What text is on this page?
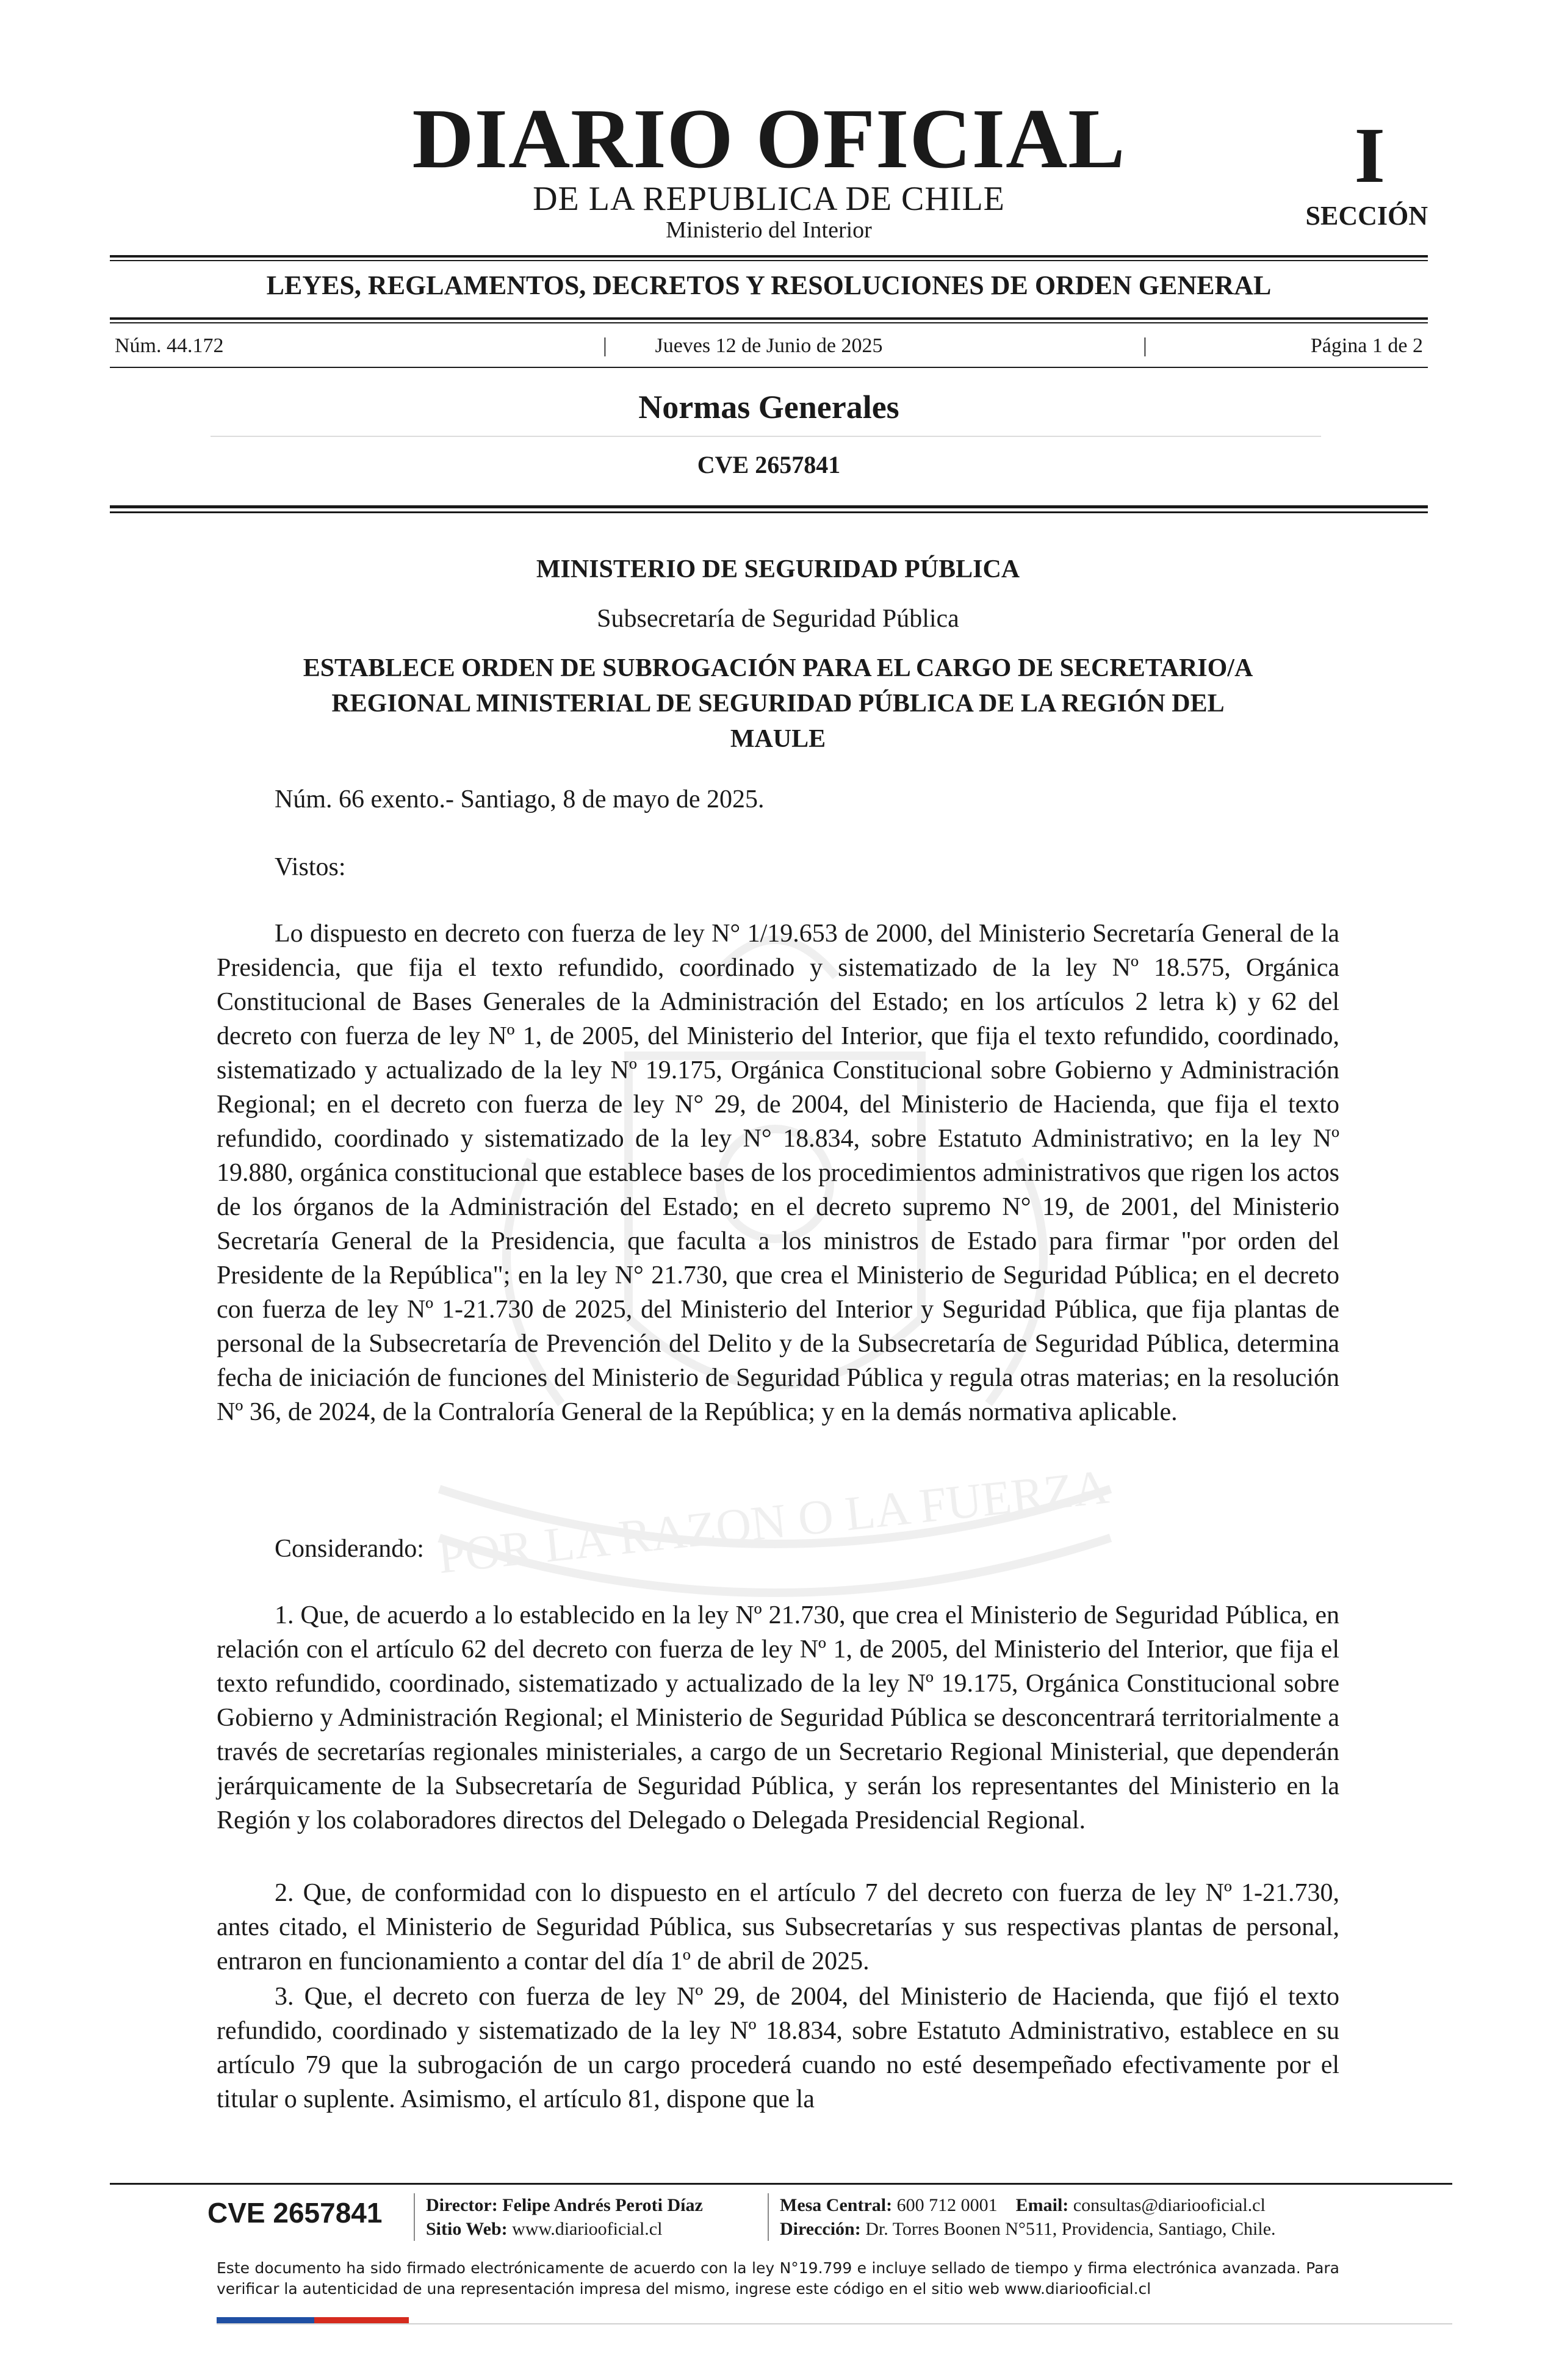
POR LA RAZON O LA FUERZA
DIARIO OFICIAL
DE LA REPUBLICA DE CHILE
Ministerio del Interior
I
SECCIÓN
LEYES, REGLAMENTOS, DECRETOS Y RESOLUCIONES DE ORDEN GENERAL
Jueves 12 de Junio de 2025
Núm. 44.172	|	|	Página 1 de 2
Normas Generales
CVE 2657841
MINISTERIO DE SEGURIDAD PÚBLICA
Subsecretaría de Seguridad Pública
ESTABLECE ORDEN DE SUBROGACIÓN PARA EL CARGO DE SECRETARIO/A
REGIONAL MINISTERIAL DE SEGURIDAD PÚBLICA DE LA REGIÓN DEL
MAULE

Núm. 66 exento.- Santiago, 8 de mayo de 2025.

Vistos:

Lo dispuesto en decreto con fuerza de ley N° 1/19.653 de 2000, del Ministerio Secretaría General de la Presidencia, que fija el texto refundido, coordinado y sistematizado de la ley Nº 18.575, Orgánica Constitucional de Bases Generales de la Administración del Estado; en los artículos 2 letra k) y 62 del decreto con fuerza de ley Nº 1, de 2005, del Ministerio del Interior, que fija el texto refundido, coordinado, sistematizado y actualizado de la ley Nº 19.175, Orgánica Constitucional sobre Gobierno y Administración Regional; en el decreto con fuerza de ley N° 29, de 2004, del Ministerio de Hacienda, que fija el texto refundido, coordinado y sistematizado de la ley N° 18.834, sobre Estatuto Administrativo; en la ley Nº 19.880, orgánica constitucional que establece bases de los procedimientos administrativos que rigen los actos de los órganos de la Administración del Estado; en el decreto supremo N° 19, de 2001, del Ministerio Secretaría General de la Presidencia, que faculta a los ministros de Estado para firmar "por orden del Presidente de la República"; en la ley N° 21.730, que crea el Ministerio de Seguridad Pública; en el decreto con fuerza de ley Nº 1-21.730 de 2025, del Ministerio del Interior y Seguridad Pública, que fija plantas de personal de la Subsecretaría de Prevención del Delito y de la Subsecretaría de Seguridad Pública, determina fecha de iniciación de funciones del Ministerio de Seguridad Pública y regula otras materias; en la resolución Nº 36, de 2024, de la Contraloría General de la República; y en la demás normativa aplicable.

Considerando:

1. Que, de acuerdo a lo establecido en la ley Nº 21.730, que crea el Ministerio de Seguridad Pública, en relación con el artículo 62 del decreto con fuerza de ley Nº 1, de 2005, del Ministerio del Interior, que fija el texto refundido, coordinado, sistematizado y actualizado de la ley Nº 19.175, Orgánica Constitucional sobre Gobierno y Administración Regional; el Ministerio de Seguridad Pública se desconcentrará territorialmente a través de secretarías regionales ministeriales, a cargo de un Secretario Regional Ministerial, que dependerán jerárquicamente de la Subsecretaría de Seguridad Pública, y serán los representantes del Ministerio en la Región y los colaboradores directos del Delegado o Delegada Presidencial Regional.

2. Que, de conformidad con lo dispuesto en el artículo 7 del decreto con fuerza de ley Nº 1-21.730, antes citado, el Ministerio de Seguridad Pública, sus Subsecretarías y sus respectivas plantas de personal, entraron en funcionamiento a contar del día 1º de abril de 2025.

3. Que, el decreto con fuerza de ley Nº 29, de 2004, del Ministerio de Hacienda, que fijó el texto refundido, coordinado y sistematizado de la ley Nº 18.834, sobre Estatuto Administrativo, establece en su artículo 79 que la subrogación de un cargo procederá cuando no esté desempeñado efectivamente por el titular o suplente. Asimismo, el artículo 81, dispone que la

CVE 2657841 Director: Felipe Andrés Peroti Díaz
Sitio Web: www.diariooficial.cl
Mesa Central: 600 712 0001 Email: consultas@diariooficial.cl
Dirección: Dr. Torres Boonen N°511, Providencia, Santiago, Chile.
Este documento ha sido firmado electrónicamente de acuerdo con la ley N°19.799 e incluye sellado de tiempo y firma electrónica avanzada. Para verificar la autenticidad de una representación impresa del mismo, ingrese este código en el sitio web www.diariooficial.cl
